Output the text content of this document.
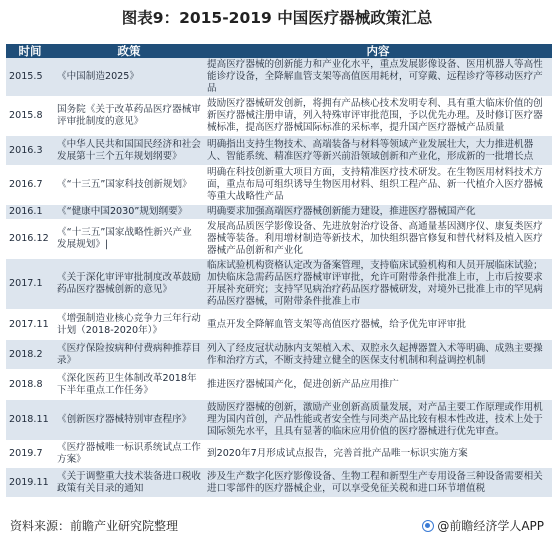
图表9：2015-2019 中国医疗器械政策汇总
时间	政策	内容
2015.5	《中国制造2025》	提高医疗器械的创新能力和产业化水平，重点发展影像设备、医用机器人等高性能诊疗设备，全降解血管支架等高值医用耗材，可穿戴、远程诊疗等移动医疗产品
2015.8	国务院《关于改革药品医疗器械审评审批制度的意见》	鼓励医疗器械研发创新，将拥有产品核心技术发明专利、具有重大临床价值的创新医疗器械注册申请，列入特殊审评审批范围，予以优先办理。及时修订医疗器械标准，提高医疗器械国际标准的采标率，提升国产医疗器械产品质量
2016.3	《中华人民共和国国民经济和社会发展第十三个五年规划纲要》	明确指出支持生物技术、高端装备与材料等领域产业发展壮大，大力推进机器人、智能系统、精准医疗等新兴前沿领域创新和产业化，形成新的一批增长点
2016.7	《“十三五”国家科技创新规划》	明确在科技创新重大项目方面，支持精准医疗技术研发。在生物医用材料技术方面，重点布局可组织诱导生物医用材料、组织工程产品、新一代植介入医疗器械等重大战略性产品
2016.1	《“健康中国2030”规划纲要》	明确要求加强高端医疗器械创新能力建设，推进医疗器械国产化
2016.12	《“十三五”国家战略性新兴产业发展规划》|	发展高品质医学影像设备、先进放射治疗设备、高通量基因测序仪、康复类医疗器械等装备。利用增材制造等新技术，加快组织器官修复和替代材料及植入医疗器械产品创新和产业化
2017.1	《关于深化审评审批制度改革鼓励药品医疗器械创新的意见》	临床试验机构资格认定改为备案管理，支持临床试验机构和人员开展临床试验；加快临床急需药品医疗器械审评审批，允许可附带条件批准上市，上市后按要求开展补充研究；支持罕见病治疗药品医疗器械研发，对境外已批准上市的罕见病药品医疗器械，可附带条件批准上市
2017.11	《增强制造业核心竞争力三年行动计划（2018-2020年）》	重点开发全降解血管支架等高值医疗器械，给予优先审评审批
2018.2	《医疗保险按病种付费病种推荐目录》	列入了经皮冠状动脉内支架植入术、双腔永久起搏器置入术等明确、成熟主要操作和治疗方式，不断支持建立健全的医保支付机制和利益调控机制
2018.8	《深化医药卫生体制改革2018年下半年重点工作任务》	推进医疗器械国产化，促进创新产品应用推广
2018.11	《创新医疗器械特别审查程序》	鼓励医疗器械的创新，激励产业创新高质量发展，对产品主要工作原理或作用机理为国内首创，产品性能或者安全性与同类产品比较有根本性改进，技术上处于国际领先水平，且具有显著的临床应用价值的医疗器械进行优先审查。
2019.7	《医疗器械唯一标识系统试点工作方案》	到2020年7月形成试点报告，完善首批产品唯一标识实施方案
2019.11	《关于调整重大技术装备进口税收政策有关目录的通知	涉及生产数字化医疗影像设备、生物工程和新型生产专用设备三种设备需要相关进口零部件的医疗器械企业，可以享受免征关税和进口环节增值税
资料来源：前瞻产业研究院整理	@前瞻经济学人APP
